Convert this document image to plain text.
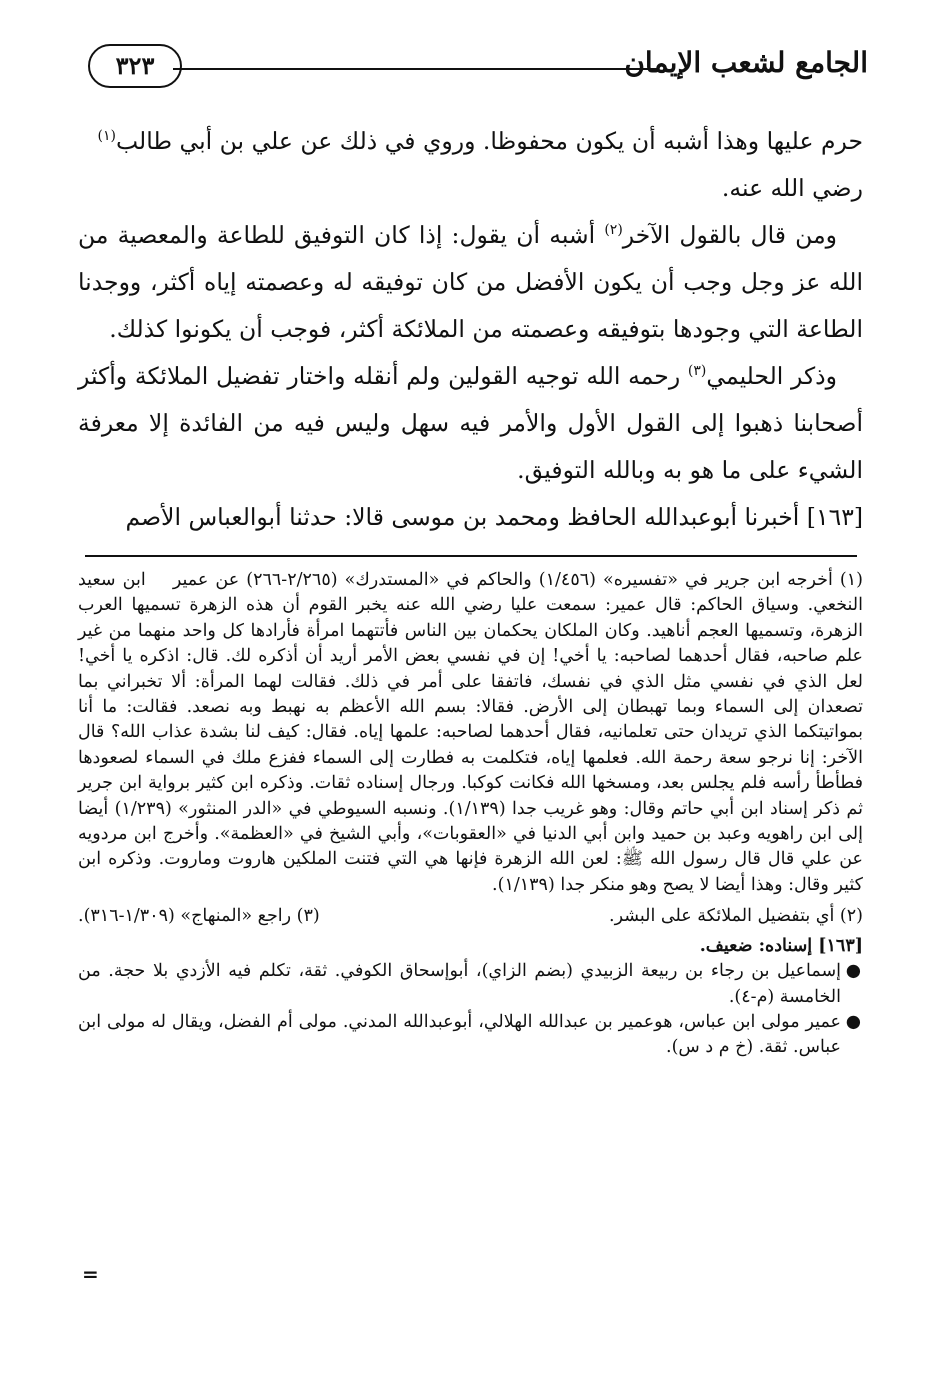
الجامع لشعب الإيمان
٣٢٣

حرم عليها وهذا أشبه أن يكون محفوظا. وروي في ذلك عن علي بن أبي طالب$^{(١)}$

رضي الله عنه.

ومن قال بالقول الآخر$^{(٢)}$ أشبه أن يقول: إذا كان التوفيق للطاعة والمعصية من الله عز وجل وجب أن يكون الأفضل من كان توفيقه له وعصمته إياه أكثر، ووجدنا الطاعة التي وجودها بتوفيقه وعصمته من الملائكة أكثر، فوجب أن يكونوا كذلك.

وذكر الحليمي$^{(٣)}$ رحمه الله توجيه القولين ولم أنقله واختار تفضيل الملائكة وأكثر أصحابنا ذهبوا إلى القول الأول والأمر فيه سهل وليس فيه من الفائدة إلا معرفة الشيء على ما هو به وبالله التوفيق.

[١٦٣] أخبرنا أبوعبدالله الحافظ ومحمد بن موسى قالا: حدثنا أبوالعباس الأصم

(١) أخرجه ابن جرير في «تفسيره» (١/٤٥٦) والحاكم في «المستدرك» (٢/٢٦٥-٢٦٦) عن عمير ابن سعيد النخعي. وسياق الحاكم: قال عمير: سمعت عليا رضي الله عنه يخبر القوم أن هذه الزهرة تسميها العرب الزهرة، وتسميها العجم أناهيد. وكان الملكان يحكمان بين الناس فأتتهما امرأة فأرادها كل واحد منهما من غير علم صاحبه، فقال أحدهما لصاحبه: يا أخي! إن في نفسي بعض الأمر أريد أن أذكره لك. قال: اذكره يا أخي! لعل الذي في نفسي مثل الذي في نفسك، فاتفقا على أمر في ذلك. فقالت لهما المرأة: ألا تخبراني بما تصعدان إلى السماء وبما تهبطان إلى الأرض. فقالا: بسم الله الأعظم به نهبط وبه نصعد. فقالت: ما أنا بمواتيتكما الذي تريدان حتى تعلمانيه، فقال أحدهما لصاحبه: علمها إياه. فقال: كيف لنا بشدة عذاب الله؟ قال الآخر: إنا نرجو سعة رحمة الله. فعلمها إياه، فتكلمت به فطارت إلى السماء ففزع ملك في السماء لصعودها فطأطأ رأسه فلم يجلس بعد، ومسخها الله فكانت كوكبا. ورجال إسناده ثقات. وذكره ابن كثير برواية ابن جرير ثم ذكر إسناد ابن أبي حاتم وقال: وهو غريب جدا (١/١٣٩). ونسبه السيوطي في «الدر المنثور» (١/٢٣٩) أيضا إلى ابن راهويه وعبد بن حميد وابن أبي الدنيا في «العقوبات»، وأبي الشيخ في «العظمة». وأخرج ابن مردويه عن علي قال قال رسول الله ﷺ: لعن الله الزهرة فإنها هي التي فتنت الملكين هاروت وماروت. وذكره ابن كثير وقال: وهذا أيضا لا يصح وهو منكر جدا (١/١٣٩).

(٢) أي بتفضيل الملائكة على البشر.
(٣) راجع «المنهاج» (١/٣٠٩-٣١٦).

[١٦٣] إسناده: ضعيف.

●
إسماعيل بن رجاء بن ربيعة الزبيدي (بضم الزاي)، أبوإسحاق الكوفي. ثقة، تكلم فيه الأزدي بلا حجة. من الخامسة (م-٤).

●
عمير مولى ابن عباس، هوعمير بن عبدالله الهلالي، أبوعبدالله المدني. مولى أم الفضل، ويقال له مولى ابن عباس. ثقة. (خ م د س).

=
